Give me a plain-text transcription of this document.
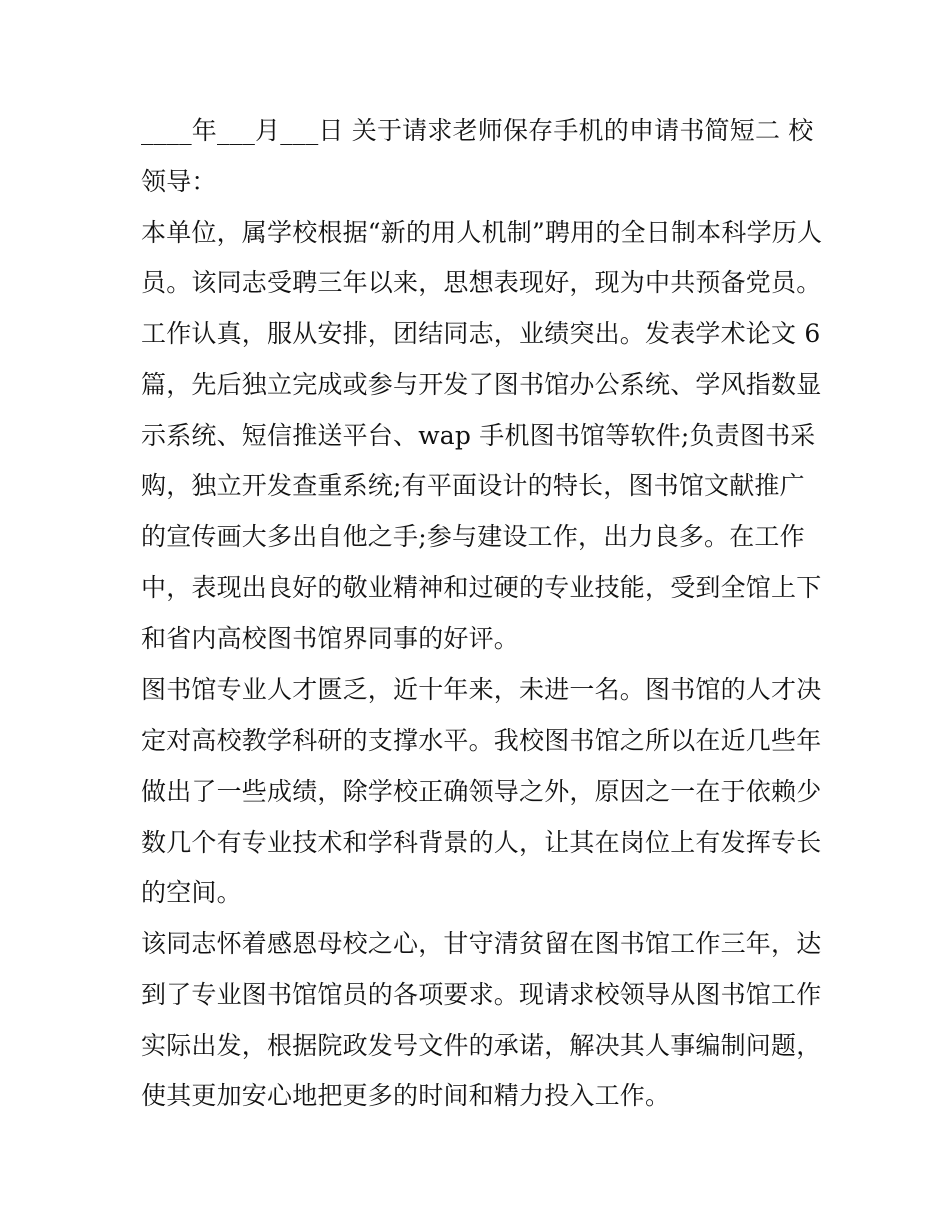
____年___月___日 关于请求老师保存手机的申请书简短二 校
领导：
本单位，属学校根据“新的用人机制”聘用的全日制本科学历人
员。该同志受聘三年以来，思想表现好，现为中共预备党员。
工作认真，服从安排，团结同志，业绩突出。发表学术论文 6
篇，先后独立完成或参与开发了图书馆办公系统、学风指数显
示系统、短信推送平台、wap 手机图书馆等软件;负责图书采
购，独立开发查重系统;有平面设计的特长，图书馆文献推广
的宣传画大多出自他之手;参与建设工作，出力良多。在工作
中，表现出良好的敬业精神和过硬的专业技能，受到全馆上下
和省内高校图书馆界同事的好评。
图书馆专业人才匮乏，近十年来，未进一名。图书馆的人才决
定对高校教学科研的支撑水平。我校图书馆之所以在近几些年
做出了一些成绩，除学校正确领导之外，原因之一在于依赖少
数几个有专业技术和学科背景的人，让其在岗位上有发挥专长
的空间。
该同志怀着感恩母校之心，甘守清贫留在图书馆工作三年，达
到了专业图书馆馆员的各项要求。现请求校领导从图书馆工作
实际出发，根据院政发号文件的承诺，解决其人事编制问题，
使其更加安心地把更多的时间和精力投入工作。
